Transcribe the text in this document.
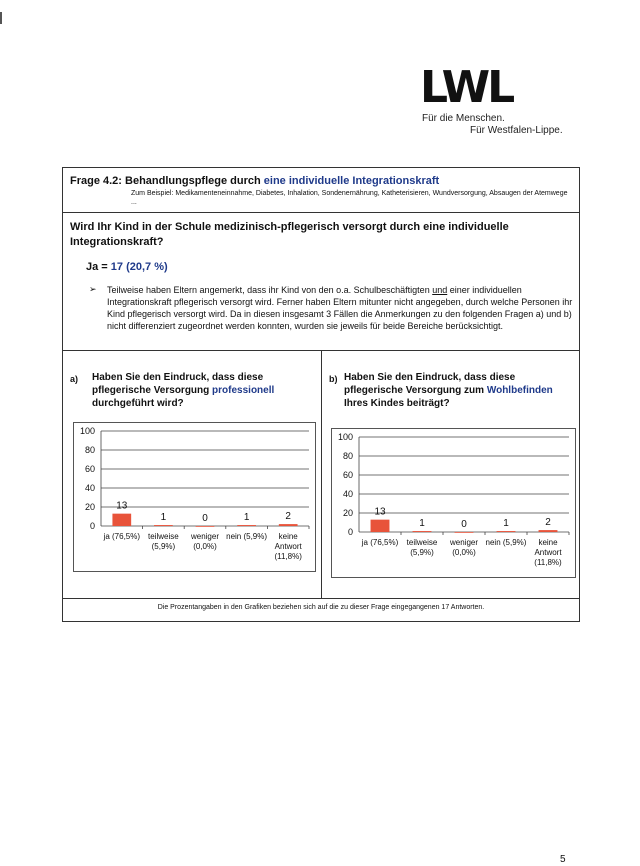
LWL
Für die Menschen.
Für Westfalen-Lippe.
Frage 4.2: Behandlungspflege durch eine individuelle Integrationskraft
Zum Beispiel: Medikamenteneinnahme, Diabetes, Inhalation, Sondenernährung, Katheterisieren, Wundversorgung, Absaugen der Atemwege ...
Wird Ihr Kind in der Schule medizinisch-pflegerisch versorgt durch eine individuelle Integrationskraft?
Ja = 17 (20,7 %)
➢ Teilweise haben Eltern angemerkt, dass ihr Kind von den o.a. Schulbeschäftigten und einer individuellen Integrationskraft pflegerisch versorgt wird. Ferner haben Eltern mitunter nicht angegeben, durch welche Personen ihr Kind pflegerisch versorgt wird. Da in diesen insgesamt 3 Fällen die Anmerkungen zu den folgenden Fragen a) und b) nicht differenziert zugeordnet werden konnten, wurden sie jeweils für beide Bereiche berücksichtigt.
a) Haben Sie den Eindruck, dass diese pflegerische Versorgung professionell durchgeführt wird?
b) Haben Sie den Eindruck, dass diese pflegerische Versorgung zum Wohlbefinden Ihres Kindes beiträgt?
100
80
60
40
20
0
13
1	0	1	2
ja (76,5%)	teilweise (5,9%)
weniger (0,0%)
nein (5,9%)	keine Antwort (11,8%)
100
80
60
40
20
0
13
1	0	1	2
ja (76,5%)	teilweise (5,9%)
weniger (0,0%)
nein (5,9%)	keine Antwort (11,8%)
Die Prozentangaben in den Grafiken beziehen sich auf die zu dieser Frage eingegangenen 17 Antworten.
5
